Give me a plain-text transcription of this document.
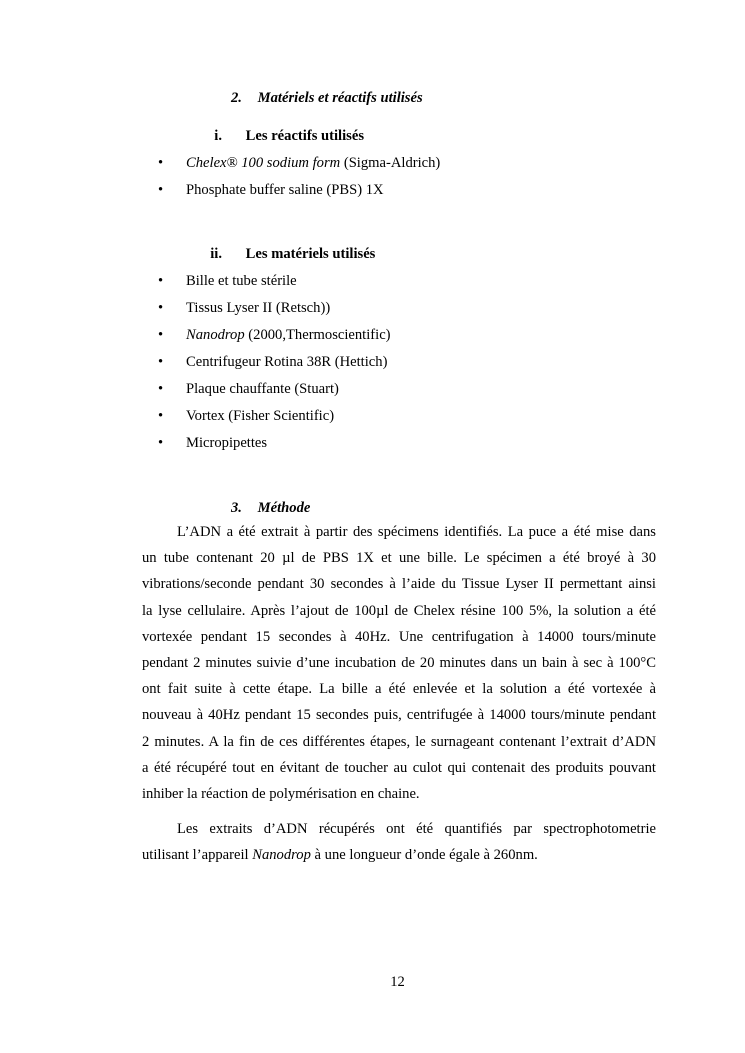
2. Matériels et réactifs utilisés
i. Les réactifs utilisés
• Chelex® 100 sodium form (Sigma-Aldrich)
• Phosphate buffer saline (PBS) 1X
ii. Les matériels utilisés
• Bille et tube stérile
• Tissus Lyser II (Retsch))
• Nanodrop (2000,Thermoscientific)
• Centrifugeur Rotina 38R (Hettich)
• Plaque chauffante (Stuart)
• Vortex (Fisher Scientific)
• Micropipettes
3. Méthode
L’ADN a été extrait à partir des spécimens identifiés. La puce a été mise dans
un tube contenant 20 µl de PBS 1X et une bille. Le spécimen a été broyé à 30
vibrations/seconde pendant 30 secondes à l’aide du Tissue Lyser II permettant ainsi
la lyse cellulaire. Après l’ajout de 100µl de Chelex résine 100 5%, la solution a été
vortexée pendant 15 secondes à 40Hz. Une centrifugation à 14000 tours/minute
pendant 2 minutes suivie d’une incubation de 20 minutes dans un bain à sec à 100°C
ont fait suite à cette étape. La bille a été enlevée et la solution a été vortexée à
nouveau à 40Hz pendant 15 secondes puis, centrifugée à 14000 tours/minute pendant
2 minutes. A la fin de ces différentes étapes, le surnageant contenant l’extrait d’ADN
a été récupéré tout en évitant de toucher au culot qui contenait des produits pouvant
inhiber la réaction de polymérisation en chaine.
Les extraits d’ADN récupérés ont été quantifiés par spectrophotometrie
utilisant l’appareil Nanodrop à une longueur d’onde égale à 260nm.
12
